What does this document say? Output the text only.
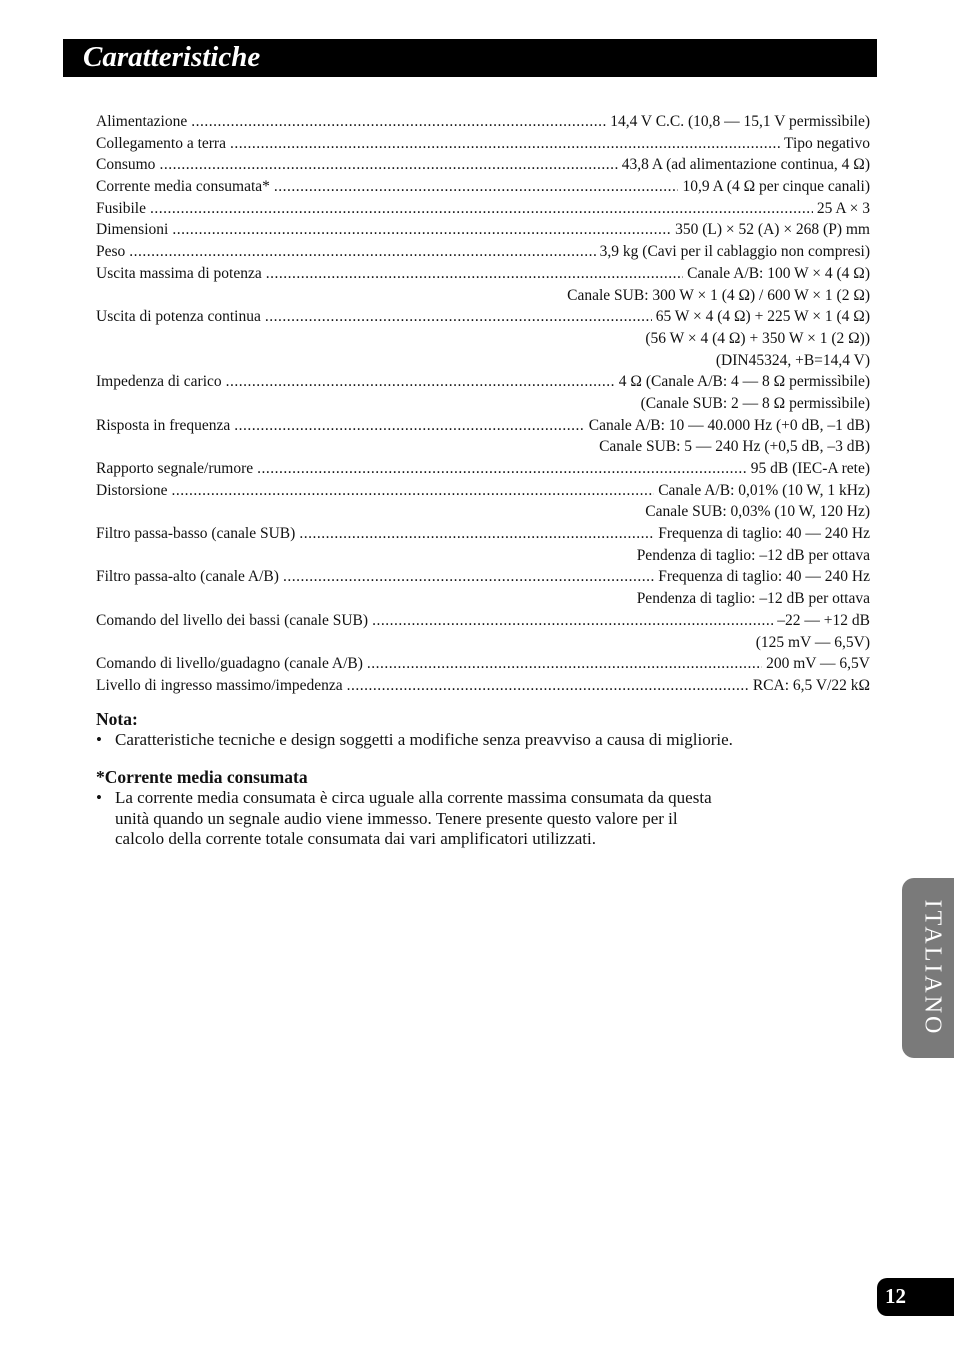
Caratteristiche
Alimentazione .....	14,4 V C.C. (10,8 — 15,1 V permissìbile)
Collegamento a terra .....	Tipo negativo
Consumo .....	43,8 A (ad alimentazione continua, 4 Ω)
Corrente media consumata* .....	10,9 A (4 Ω per cinque canali)
Fusibile .....	25 A × 3
Dimensioni .....	350 (L) × 52 (A) × 268 (P) mm
Peso .....	3,9 kg (Cavi per il cablaggio non compresi)
Uscita massima di potenza .....	Canale A/B: 100 W × 4 (4 Ω)
Canale SUB: 300 W × 1 (4 Ω) / 600 W × 1 (2 Ω)
Uscita di potenza continua .....	65 W × 4 (4 Ω) + 225 W × 1 (4 Ω)
(56 W × 4 (4 Ω) + 350 W × 1 (2 Ω))
(DIN45324, +B=14,4 V)
Impedenza di carico .....	4 Ω (Canale A/B: 4 — 8 Ω permissìbile)
(Canale SUB: 2 — 8 Ω permissìbile)
Risposta in frequenza .....	Canale A/B: 10 — 40.000 Hz (+0 dB, –1 dB)
Canale SUB: 5 — 240 Hz (+0,5 dB, –3 dB)
Rapporto segnale/rumore .....	95 dB (IEC-A rete)
Distorsione .....	Canale A/B: 0,01% (10 W, 1 kHz)
Canale SUB: 0,03% (10 W, 120 Hz)
Filtro passa-basso (canale SUB) .....	Frequenza di taglio: 40 — 240 Hz
Pendenza di taglio: –12 dB per ottava
Filtro passa-alto (canale A/B) .....	Frequenza di taglio: 40 — 240 Hz
Pendenza di taglio: –12 dB per ottava
Comando del livello dei bassi (canale SUB) .....	–22 — +12 dB
(125 mV — 6,5V)
Comando di livello/guadagno (canale A/B) .....	200 mV — 6,5V
Livello di ingresso massimo/impedenza .....	RCA: 6,5 V/22 kΩ
Nota:
• Caratteristiche tecniche e design soggetti a modifiche senza preavviso a causa di migliorie.
*Corrente media consumata
• La corrente media consumata è circa uguale alla corrente massima consumata da questa unità quando un segnale audio viene immesso. Tenere presente questo valore per il calcolo della corrente totale consumata dai vari amplificatori utilizzati.
ITALIANO
12
